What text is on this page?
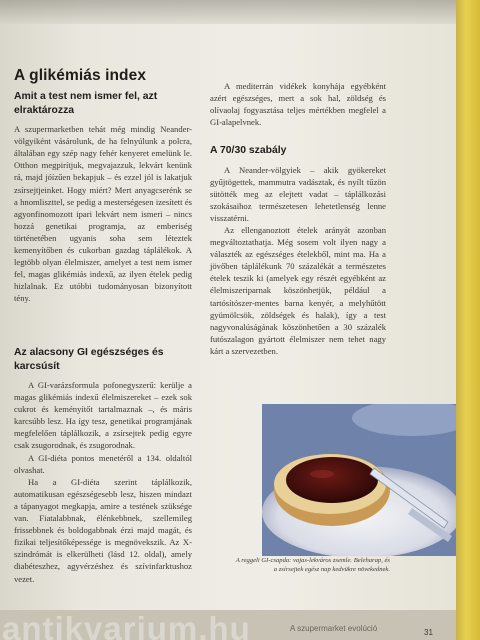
A glikémiás index
Amit a test nem ismer fel, azt elraktározza

A szupermarketben tehát még mindig Neander-völgyiként vásárolunk, de ha felnyúlunk a polcra, általában egy szép nagy fehér kenyeret emelünk le. Otthon megpirítjuk, megvajazzuk, lekvárt kenünk rá, majd jóízűen bekapjuk – és ezzel jól is lakatjuk zsírsejtjeinket. Hogy miért? Mert anyagcserénk se a hnomliszttel, se pedig a mesterségesen izesített és agyonfinomozott ipari lekvárt nem ismeri – nincs hozzá genetikai programja, az emberiség történetében ugyanis soha sem léteztek kemenyítőben és cukorban gazdag táplálékok. A legtöbb olyan élelmiszer, amelyet a test nem ismer fel, magas glikémiás indexű, az ilyen ételek pedig hizlalnak. Ez utóbbi tudományosan bizonyított tény.

Az alacsony GI egészséges és karcsúsít

A GI-varázsformula pofonegyszerű: kerülje a magas glikémiás indexű élelmiszereket – ezek sok cukrot és keményítőt tartalmaznak –, és máris karcsúbb lesz. Ha így tesz, genetikai programjának megfelelően táplálkozik, a zsírsejtek pedig egyre csak zsugorodnak, és zsugorodnak.

A GI-diéta pontos menetéről a 134. oldaltól olvashat.

Ha a GI-diéta szerint táplálkozik, automatikusan egészségesebb lesz, hiszen mindazt a tápanyagot megkapja, amire a testének szüksége van. Fiatalabbnak, élénkebbnek, szellemileg frissebbnek és boldogabbnak érzi majd magát, és fizikai teljesítőképessége is megnövekszik. Az X-szindrómát is elkerülheti (lásd 12. oldal), amely diabéteszhez, agyvérzéshez és szívinfarktushoz vezet.

A mediterrán vidékek konyhája egyébként azért egészséges, mert a sok hal, zöldség és olívaolaj fogyasztása teljes mértékben megfelel a GI-alapelvnek.

A 70/30 szabály

A Neander-völgyiek – akik gyökereket gyűjtögettek, mammutra vadásztak, és nyílt tűzön sütötték meg az elejtett vadat – táplálkozási szokásaihoz természetesen lehetetlenség lenne visszatérni.

Az ellenganoztott ételek arányát azonban megváltoztathatja. Még sosem volt ilyen nagy a választék az egészséges ételekből, mint ma. Ha a jövőben táplálékunk 70 százalékát a természetes ételek teszik ki (amelyek egy részét egyébként az élelmiszeriparnak köszönhetjük, például a tartósítószer-mentes barna kenyér, a melyhűtött gyümölcsök, zöldségek és halak), így a test nagyvonalúságának köszönhetően a 30 százalék futószalagon gyártott élelmiszer nem tehet nagy kárt a szervezetben.

A reggeli GI-csapda: vajas-lekváros zsemle. Beleharap, és a zsírsejtek egész nap kedvükre növekednek.
antikvarium.hu	A szupermarket evolúció	31
